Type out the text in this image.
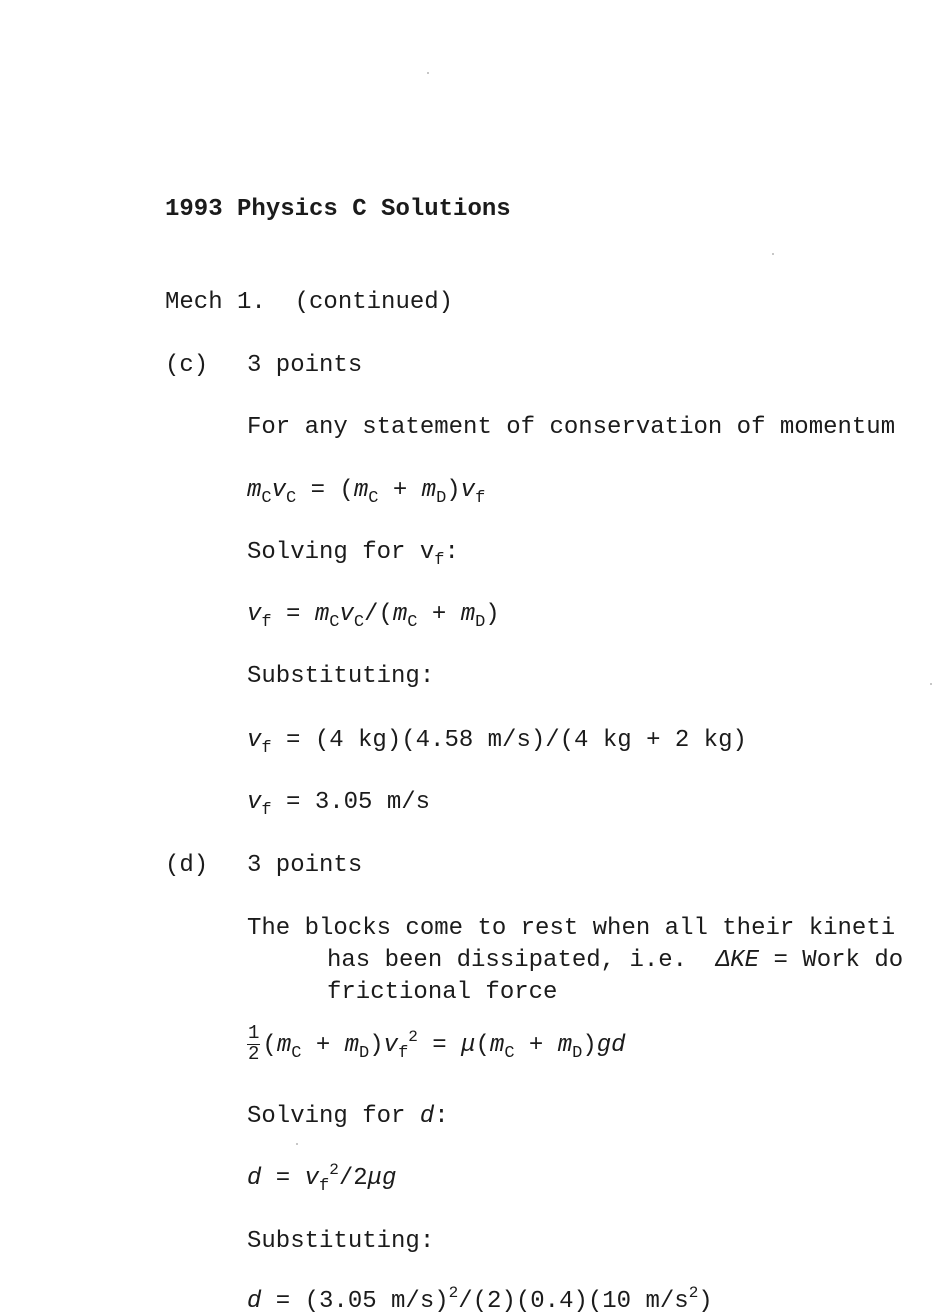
1993 Physics C Solutions
Mech 1.  (continued)
(c) 3 points
For any statement of conservation of momentum
$m_Cv_C = (m_C + m_D)v_f$
Solving for $v_f$:
$v_f = m_Cv_C/(m_C + m_D)$
Substituting:
$v_f = (4$ kg)(4.58 m/s)/(4 kg + 2 kg)
$v_f = 3.05$ m/s
(d) 3 points
The blocks come to rest when all their kineti
has been dissipated, i.e. ΔKE = Work do
frictional force
$\frac{1}{2} (m_C + m_D)v_f^2 = \mu(m_C + m_D)gd$
Solving for d:
$d = v_f^2/2\mu g$
Substituting:
d = (3.05 m/s)$^2$/(2)(0.4)(10 $m/s^2$)
